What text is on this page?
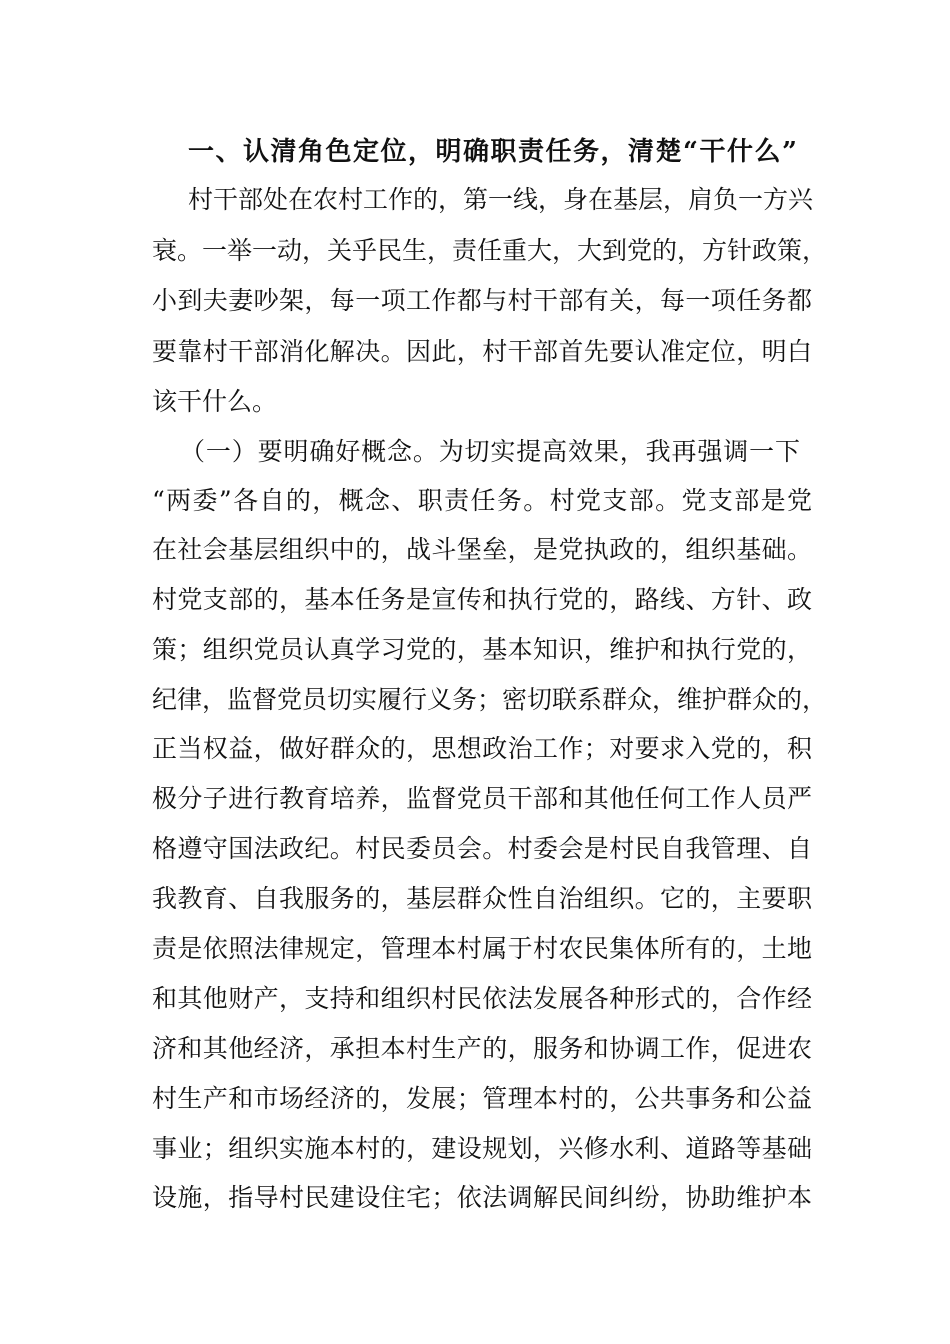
一、认清角色定位，明确职责任务，清楚“干什么”
村干部处在农村工作的，第一线，身在基层，肩负一方兴
衰。一举一动，关乎民生，责任重大，大到党的，方针政策，
小到夫妻吵架，每一项工作都与村干部有关，每一项任务都
要靠村干部消化解决。因此，村干部首先要认准定位，明白
该干什么。
（一）要明确好概念。为切实提高效果，我再强调一下
“两委”各自的，概念、职责任务。村党支部。党支部是党
在社会基层组织中的，战斗堡垒，是党执政的，组织基础。
村党支部的，基本任务是宣传和执行党的，路线、方针、政
策；组织党员认真学习党的，基本知识，维护和执行党的，
纪律，监督党员切实履行义务；密切联系群众，维护群众的，
正当权益，做好群众的，思想政治工作；对要求入党的，积
极分子进行教育培养，监督党员干部和其他任何工作人员严
格遵守国法政纪。村民委员会。村委会是村民自我管理、自
我教育、自我服务的，基层群众性自治组织。它的，主要职
责是依照法律规定，管理本村属于村农民集体所有的，土地
和其他财产，支持和组织村民依法发展各种形式的，合作经
济和其他经济，承担本村生产的，服务和协调工作，促进农
村生产和市场经济的，发展；管理本村的，公共事务和公益
事业；组织实施本村的，建设规划，兴修水利、道路等基础
设施，指导村民建设住宅；依法调解民间纠纷，协助维护本
